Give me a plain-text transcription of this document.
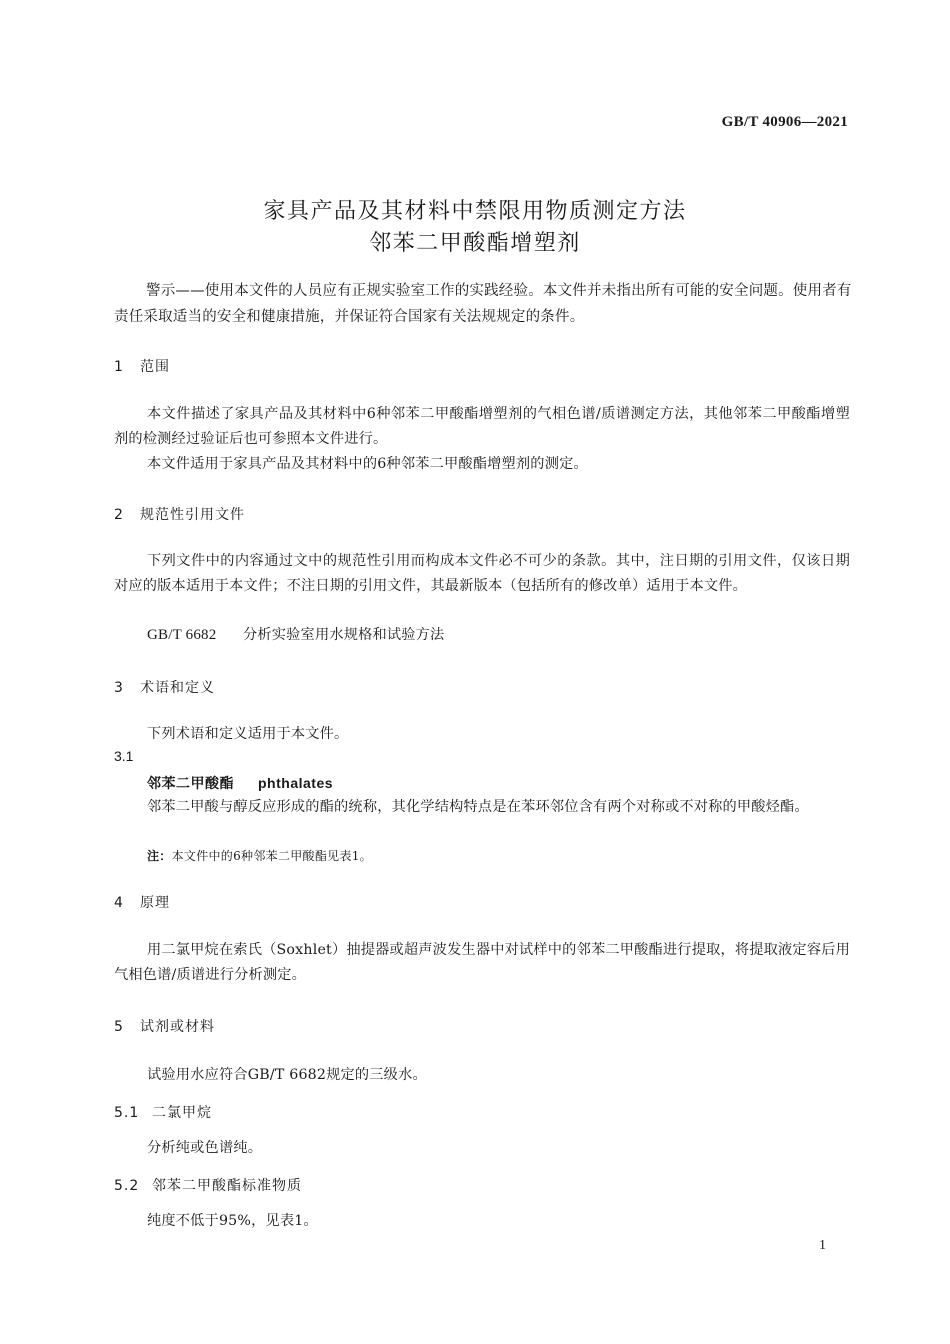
GB/T 40906—2021
家具产品及其材料中禁限用物质测定方法
邻苯二甲酸酯增塑剂
警示——使用本文件的人员应有正规实验室工作的实践经验。本文件并未指出所有可能的安全问题。使用者有责任采取适当的安全和健康措施，并保证符合国家有关法规规定的条件。
1 范围
本文件描述了家具产品及其材料中6种邻苯二甲酸酯增塑剂的气相色谱/质谱测定方法，其他邻苯二甲酸酯增塑剂的检测经过验证后也可参照本文件进行。
本文件适用于家具产品及其材料中的6种邻苯二甲酸酯增塑剂的测定。
2 规范性引用文件
下列文件中的内容通过文中的规范性引用而构成本文件必不可少的条款。其中，注日期的引用文件，仅该日期对应的版本适用于本文件；不注日期的引用文件，其最新版本（包括所有的修改单）适用于本文件。
GB/T 6682 分析实验室用水规格和试验方法
3 术语和定义
下列术语和定义适用于本文件。
3.1
邻苯二甲酸酯 phthalates
邻苯二甲酸与醇反应形成的酯的统称，其化学结构特点是在苯环邻位含有两个对称或不对称的甲酸烃酯。
注：本文件中的6种邻苯二甲酸酯见表1。
4 原理
用二氯甲烷在索氏（Soxhlet）抽提器或超声波发生器中对试样中的邻苯二甲酸酯进行提取，将提取液定容后用气相色谱/质谱进行分析测定。
5 试剂或材料
试验用水应符合GB/T 6682规定的三级水。
5.1 二氯甲烷
分析纯或色谱纯。
5.2 邻苯二甲酸酯标准物质
纯度不低于95%，见表1。
1
